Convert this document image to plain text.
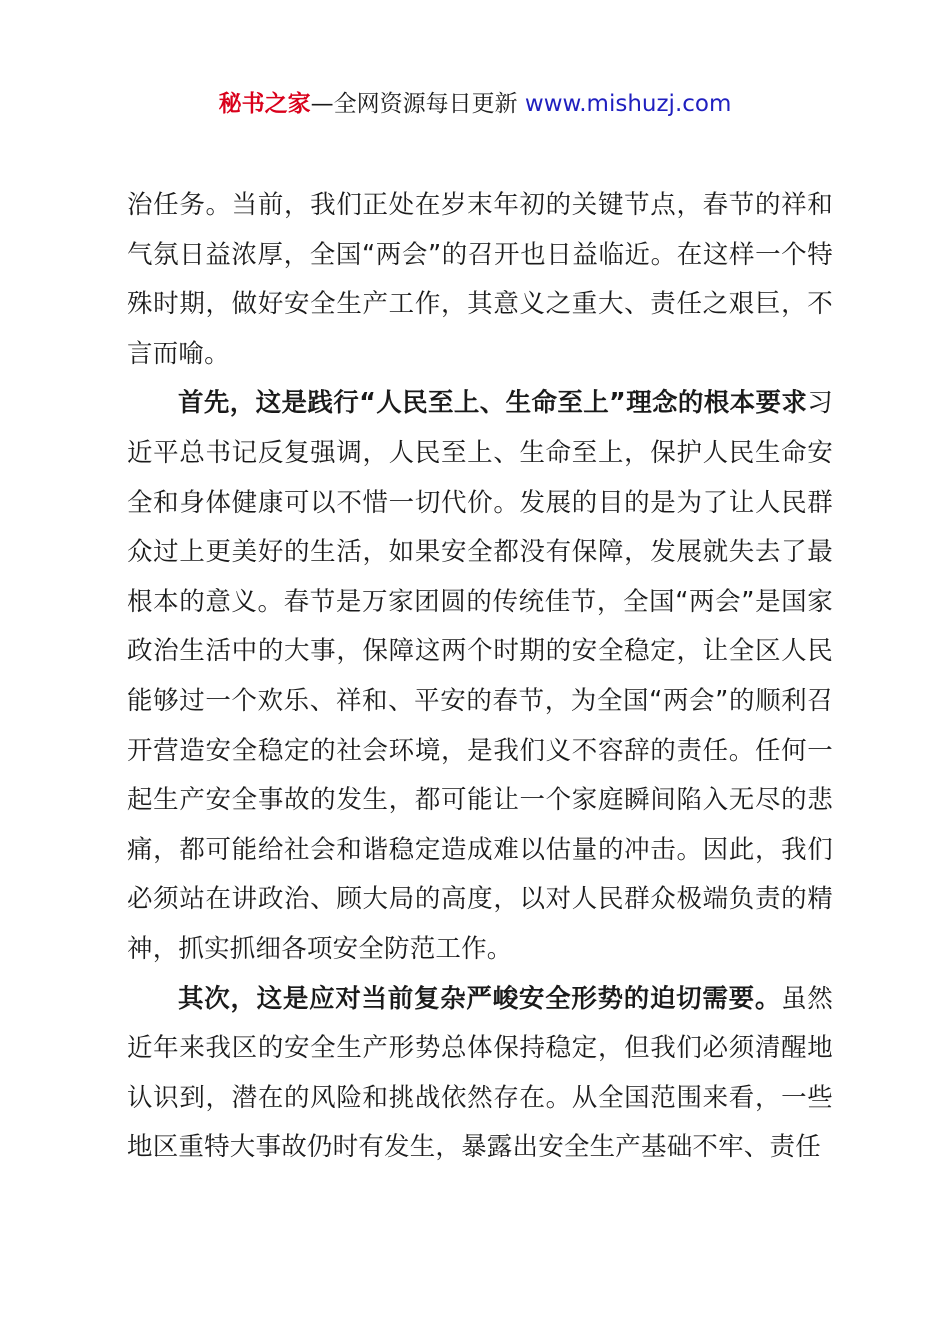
秘书之家—全网资源每日更新 www.mishuzj.com

治任务。当前，我们正处在岁末年初的关键节点，春节的祥和气氛日益浓厚，全国“两会”的召开也日益临近。在这样一个特殊时期，做好安全生产工作，其意义之重大、责任之艰巨，不言而喻。

首先，这是践行“人民至上、生命至上”理念的根本要求习近平总书记反复强调，人民至上、生命至上，保护人民生命安全和身体健康可以不惜一切代价。发展的目的是为了让人民群众过上更美好的生活，如果安全都没有保障，发展就失去了最根本的意义。春节是万家团圆的传统佳节，全国“两会”是国家政治生活中的大事，保障这两个时期的安全稳定，让全区人民能够过一个欢乐、祥和、平安的春节，为全国“两会”的顺利召开营造安全稳定的社会环境，是我们义不容辞的责任。任何一起生产安全事故的发生，都可能让一个家庭瞬间陷入无尽的悲痛，都可能给社会和谐稳定造成难以估量的冲击。因此，我们必须站在讲政治、顾大局的高度，以对人民群众极端负责的精神，抓实抓细各项安全防范工作。

其次，这是应对当前复杂严峻安全形势的迫切需要。虽然近年来我区的安全生产形势总体保持稳定，但我们必须清醒地认识到，潜在的风险和挑战依然存在。从全国范围来看，一些地区重特大事故仍时有发生，暴露出安全生产基础不牢、责任
